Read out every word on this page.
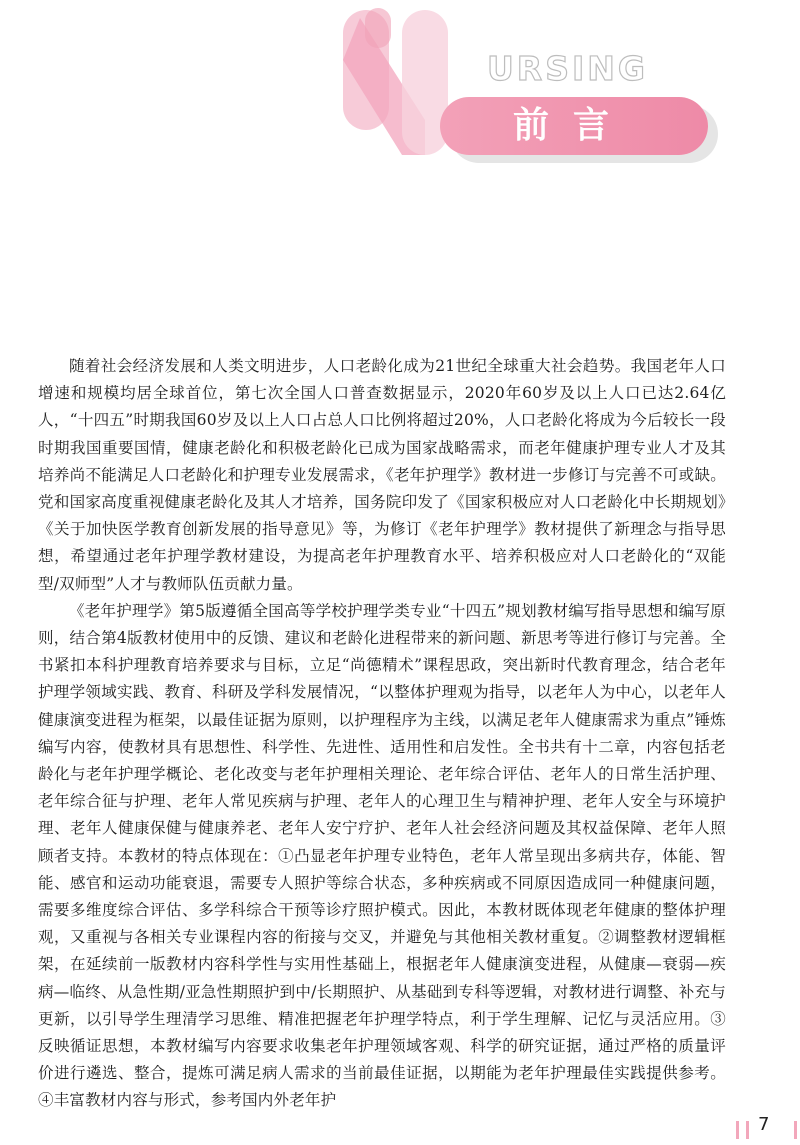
URSING
前言

随着社会经济发展和人类文明进步，人口老龄化成为21世纪全球重大社会趋势。我国老年人口增速和规模均居全球首位，第七次全国人口普查数据显示，2020年60岁及以上人口已达2.64亿人，“十四五”时期我国60岁及以上人口占总人口比例将超过20%，人口老龄化将成为今后较长一段时期我国重要国情，健康老龄化和积极老龄化已成为国家战略需求，而老年健康护理专业人才及其培养尚不能满足人口老龄化和护理专业发展需求，《老年护理学》教材进一步修订与完善不可或缺。党和国家高度重视健康老龄化及其人才培养，国务院印发了《国家积极应对人口老龄化中长期规划》《关于加快医学教育创新发展的指导意见》等，为修订《老年护理学》教材提供了新理念与指导思想，希望通过老年护理学教材建设，为提高老年护理教育水平、培养积极应对人口老龄化的“双能型/双师型”人才与教师队伍贡献力量。

《老年护理学》第5版遵循全国高等学校护理学类专业“十四五”规划教材编写指导思想和编写原则，结合第4版教材使用中的反馈、建议和老龄化进程带来的新问题、新思考等进行修订与完善。全书紧扣本科护理教育培养要求与目标，立足“尚德精术”课程思政，突出新时代教育理念，结合老年护理学领域实践、教育、科研及学科发展情况，“以整体护理观为指导，以老年人为中心，以老年人健康演变进程为框架，以最佳证据为原则，以护理程序为主线，以满足老年人健康需求为重点”锤炼编写内容，使教材具有思想性、科学性、先进性、适用性和启发性。全书共有十二章，内容包括老龄化与老年护理学概论、老化改变与老年护理相关理论、老年综合评估、老年人的日常生活护理、老年综合征与护理、老年人常见疾病与护理、老年人的心理卫生与精神护理、老年人安全与环境护理、老年人健康保健与健康养老、老年人安宁疗护、老年人社会经济问题及其权益保障、老年人照顾者支持。本教材的特点体现在：①凸显老年护理专业特色，老年人常呈现出多病共存，体能、智能、感官和运动功能衰退，需要专人照护等综合状态，多种疾病或不同原因造成同一种健康问题，需要多维度综合评估、多学科综合干预等诊疗照护模式。因此，本教材既体现老年健康的整体护理观，又重视与各相关专业课程内容的衔接与交叉，并避免与其他相关教材重复。②调整教材逻辑框架，在延续前一版教材内容科学性与实用性基础上，根据老年人健康演变进程，从健康—衰弱—疾病—临终、从急性期/亚急性期照护到中/长期照护、从基础到专科等逻辑，对教材进行调整、补充与更新，以引导学生理清学习思维、精准把握老年护理学特点，利于学生理解、记忆与灵活应用。③反映循证思想，本教材编写内容要求收集老年护理领域客观、科学的研究证据，通过严格的质量评价进行遴选、整合，提炼可满足病人需求的当前最佳证据，以期能为老年护理最佳实践提供参考。④丰富教材内容与形式，参考国内外老年护

7
